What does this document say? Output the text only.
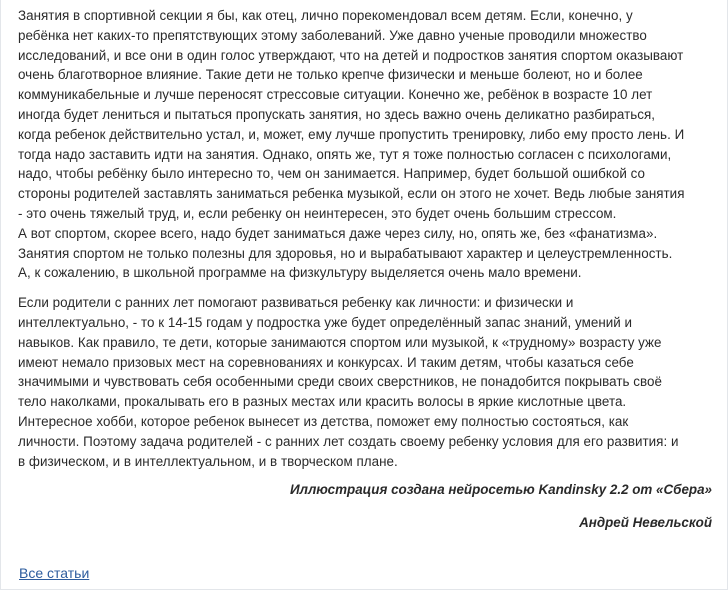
Занятия в спортивной секции я бы, как отец, лично порекомендовал всем детям. Если, конечно, у
ребёнка нет каких-то препятствующих этому заболеваний. Уже давно ученые проводили множество
исследований, и все они в один голос утверждают, что на детей и подростков занятия спортом оказывают
очень благотворное влияние. Такие дети не только крепче физически и меньше болеют, но и более
коммуникабельные и лучше переносят стрессовые ситуации. Конечно же, ребёнок в возрасте 10 лет
иногда будет лениться и пытаться пропускать занятия, но здесь важно очень деликатно разбираться,
когда ребенок действительно устал, и, может, ему лучше пропустить тренировку, либо ему просто лень. И
тогда надо заставить идти на занятия. Однако, опять же, тут я тоже полностью согласен с психологами,
надо, чтобы ребёнку было интересно то, чем он занимается. Например, будет большой ошибкой со
стороны родителей заставлять заниматься ребенка музыкой, если он этого не хочет. Ведь любые занятия
- это очень тяжелый труд, и, если ребенку он неинтересен, это будет очень большим стрессом.
А вот спортом, скорее всего, надо будет заниматься даже через силу, но, опять же, без «фанатизма».
Занятия спортом не только полезны для здоровья, но и вырабатывают характер и целеустремленность.
А, к сожалению, в школьной программе на физкультуру выделяется очень мало времени.

Если родители с ранних лет помогают развиваться ребенку как личности: и физически и
интеллектуально, - то к 14-15 годам у подростка уже будет определённый запас знаний, умений и
навыков. Как правило, те дети, которые занимаются спортом или музыкой, к «трудному» возрасту уже
имеют немало призовых мест на соревнованиях и конкурсах. И таким детям, чтобы казаться себе
значимыми и чувствовать себя особенными среди своих сверстников, не понадобится покрывать своё
тело наколками, прокалывать его в разных местах или красить волосы в яркие кислотные цвета.
Интересное хобби, которое ребенок вынесет из детства, поможет ему полностью состояться, как
личности. Поэтому задача родителей - с ранних лет создать своему ребенку условия для его развития: и
в физическом, и в интеллектуальном, и в творческом плане.

Иллюстрация создана нейросетью Kandinsky 2.2 от «Сбера»
Андрей Невельской
Все статьи
